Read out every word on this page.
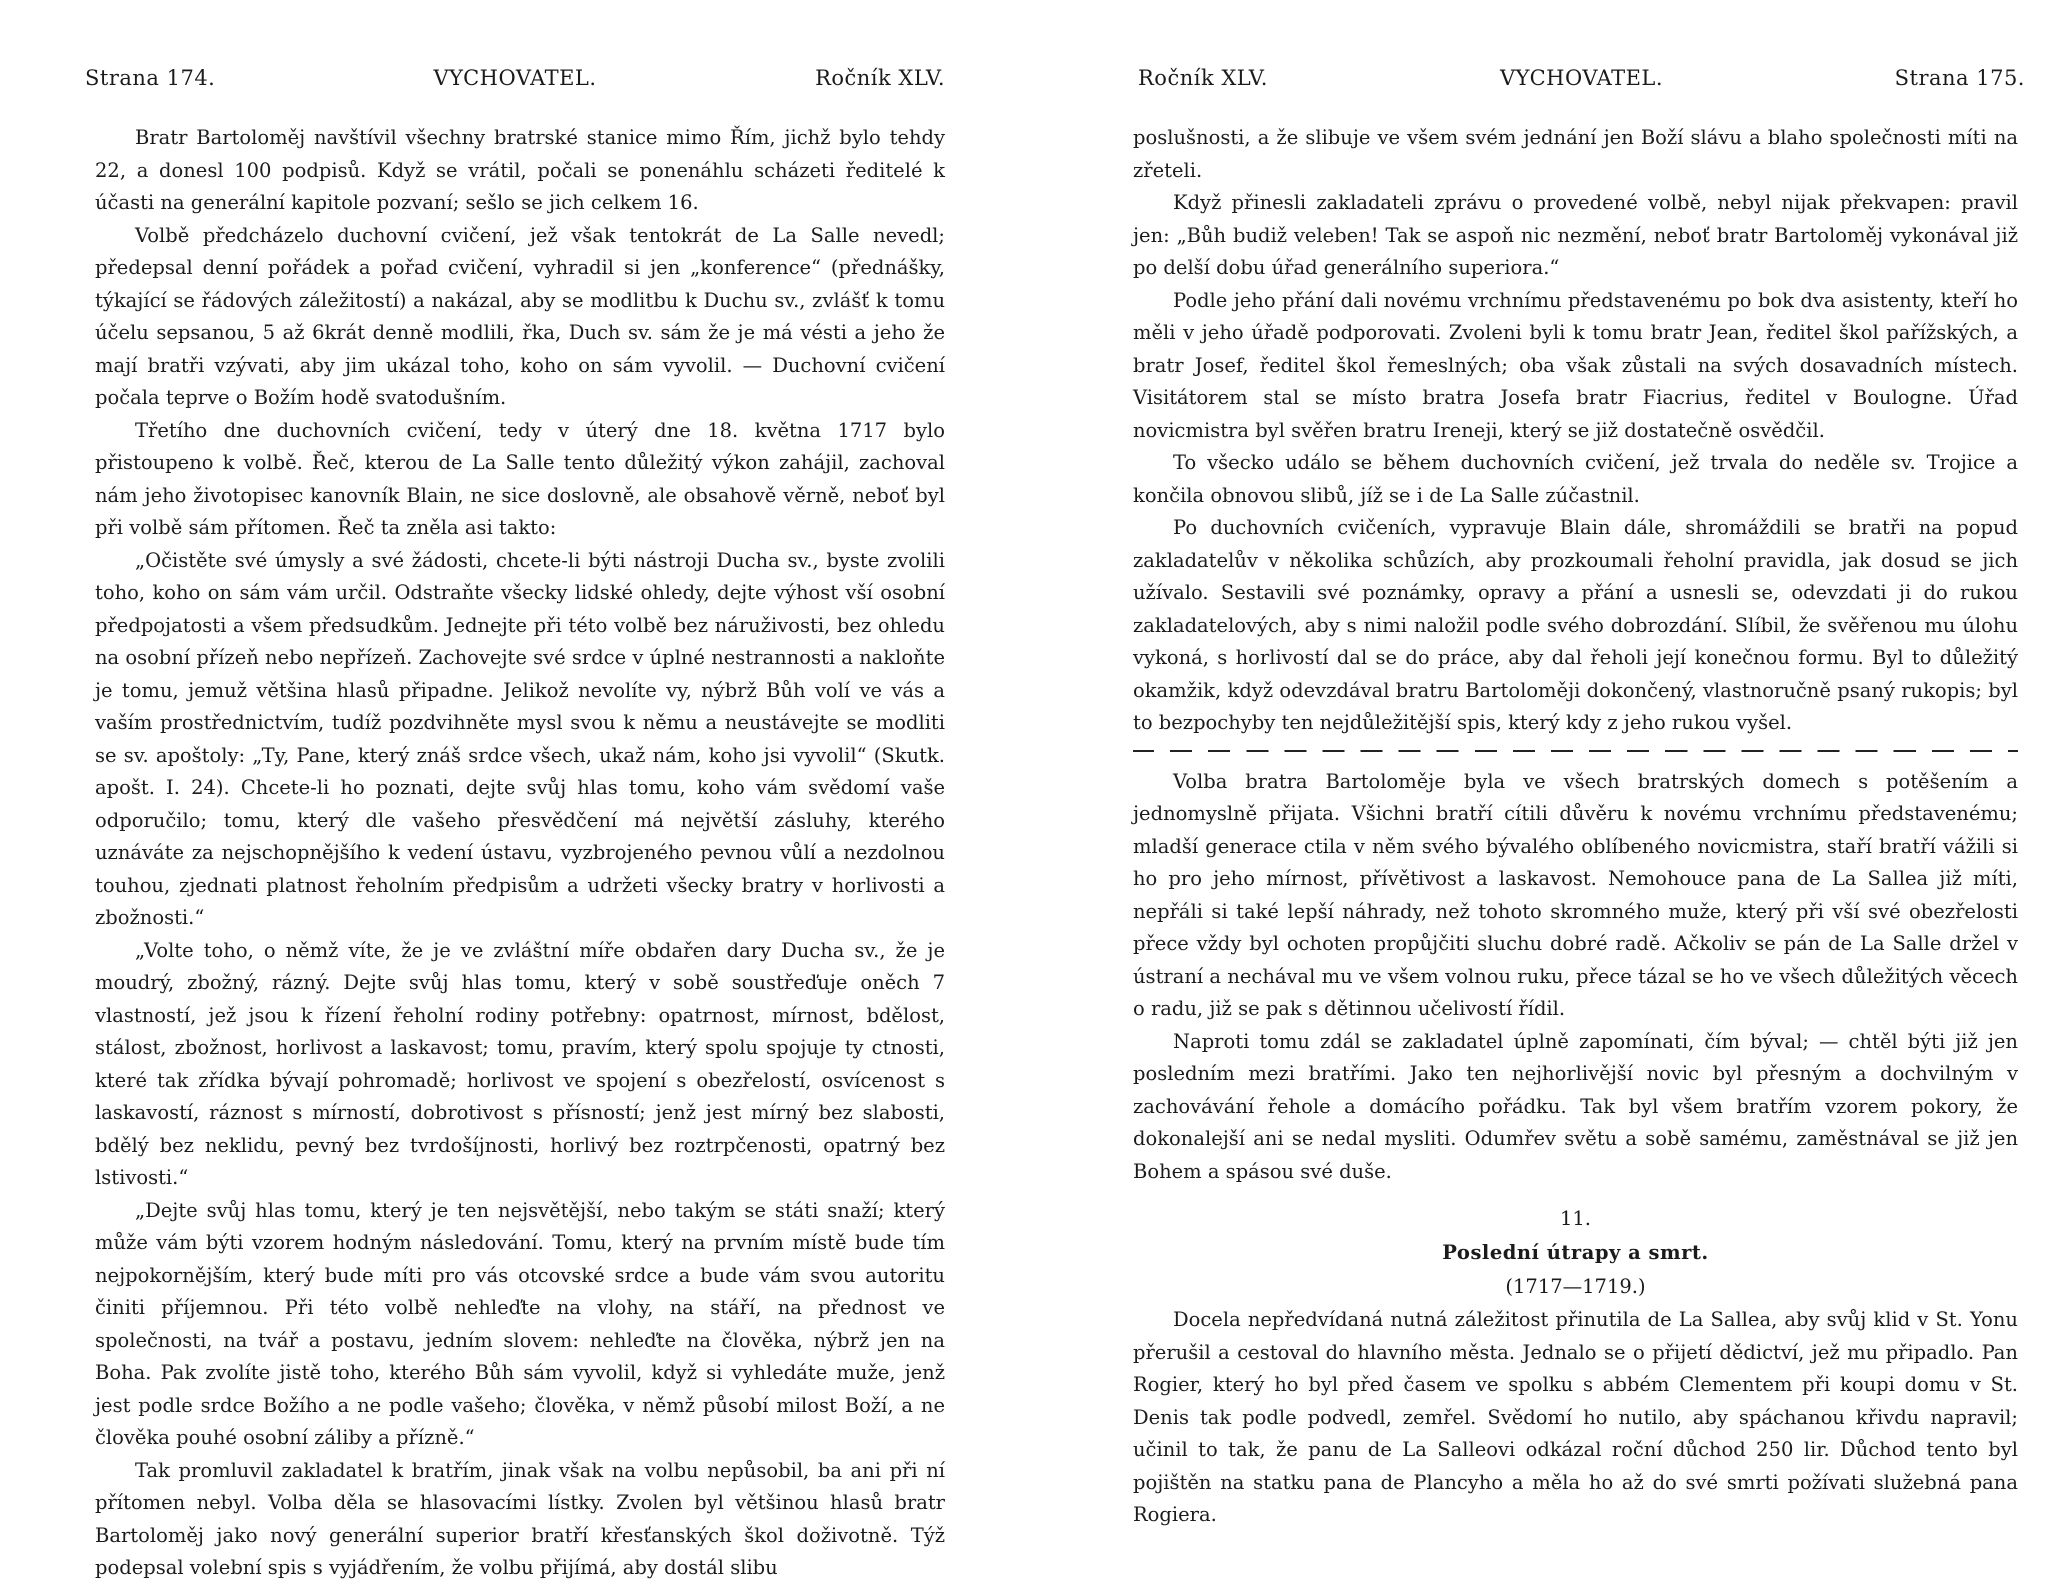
Strana 174.	VYCHOVATEL.	Ročník XLV.

Bratr Bartoloměj navštívil všechny bratrské stanice mimo Řím, jichž bylo tehdy 22, a donesl 100 podpisů. Když se vrátil, počali se ponenáhlu scházeti ředitelé k účasti na generální kapitole pozvaní; sešlo se jich celkem 16.

Volbě předcházelo duchovní cvičení, jež však tentokrát de La Salle nevedl; předepsal denní pořádek a pořad cvičení, vyhradil si jen „konference“ (přednášky, týkající se řádových záležitostí) a nakázal, aby se modlitbu k Duchu sv., zvlášť k tomu účelu sepsanou, 5 až 6krát denně modlili, řka, Duch sv. sám že je má vésti a jeho že mají bratři vzývati, aby jim ukázal toho, koho on sám vyvolil. — Duchovní cvičení počala teprve o Božím hodě svatodušním.

Třetího dne duchovních cvičení, tedy v úterý dne 18. května 1717 bylo přistoupeno k volbě. Řeč, kterou de La Salle tento důležitý výkon zahájil, zachoval nám jeho životopisec kanovník Blain, ne sice doslovně, ale obsahově věrně, neboť byl při volbě sám přítomen. Řeč ta zněla asi takto:

„Očistěte své úmysly a své žádosti, chcete-li býti nástroji Ducha sv., byste zvolili toho, koho on sám vám určil. Odstraňte všecky lidské ohledy, dejte výhost vší osobní předpojatosti a všem předsudkům. Jednejte při této volbě bez náruživosti, bez ohledu na osobní přízeň nebo nepřízeň. Zachovejte své srdce v úplné nestrannosti a nakloňte je tomu, jemuž většina hlasů připadne. Jelikož nevolíte vy, nýbrž Bůh volí ve vás a vaším prostřednictvím, tudíž pozdvihněte mysl svou k němu a neustávejte se modliti se sv. apoštoly: „Ty, Pane, který znáš srdce všech, ukaž nám, koho jsi vyvolil“ (Skutk. apošt. I. 24). Chcete-li ho poznati, dejte svůj hlas tomu, koho vám svědomí vaše odporučilo; tomu, který dle vašeho přesvědčení má největší zásluhy, kterého uznáváte za nejschopnějšího k vedení ústavu, vyzbrojeného pevnou vůlí a nezdolnou touhou, zjednati platnost řeholním předpisům a udržeti všecky bratry v horlivosti a zbožnosti.“

„Volte toho, o němž víte, že je ve zvláštní míře obdařen dary Ducha sv., že je moudrý, zbožný, rázný. Dejte svůj hlas tomu, který v sobě soustřeďuje oněch 7 vlastností, jež jsou k řízení řeholní rodiny potřebny: opatrnost, mírnost, bdělost, stálost, zbožnost, horlivost a laskavost; tomu, pravím, který spolu spojuje ty ctnosti, které tak zřídka bývají pohromadě; horlivost ve spojení s obezřelostí, osvícenost s laskavostí, ráznost s mírností, dobrotivost s přísností; jenž jest mírný bez slabosti, bdělý bez neklidu, pevný bez tvrdošíjnosti, horlivý bez roztrpčenosti, opatrný bez lstivosti.“

„Dejte svůj hlas tomu, který je ten nejsvětější, nebo takým se státi snaží; který může vám býti vzorem hodným následování. Tomu, který na prvním místě bude tím nejpokornějším, který bude míti pro vás otcovské srdce a bude vám svou autoritu činiti příjemnou. Při této volbě nehleďte na vlohy, na stáří, na přednost ve společnosti, na tvář a postavu, jedním slovem: nehleďte na člověka, nýbrž jen na Boha. Pak zvolíte jistě toho, kterého Bůh sám vyvolil, když si vyhledáte muže, jenž jest podle srdce Božího a ne podle vašeho; člověka, v němž působí milost Boží, a ne člověka pouhé osobní záliby a přízně.“

Tak promluvil zakladatel k bratřím, jinak však na volbu nepůsobil, ba ani při ní přítomen nebyl. Volba děla se hlasovacími lístky. Zvolen byl většinou hlasů bratr Bartoloměj jako nový generální superior bratří křesťanských škol doživotně. Týž podepsal volební spis s vyjádřením, že volbu přijímá, aby dostál slibu

Ročník XLV.	VYCHOVATEL.	Strana 175.

poslušnosti, a že slibuje ve všem svém jednání jen Boží slávu a blaho společnosti míti na zřeteli.

Když přinesli zakladateli zprávu o provedené volbě, nebyl nijak překvapen: pravil jen: „Bůh budiž veleben! Tak se aspoň nic nezmění, neboť bratr Bartoloměj vykonával již po delší dobu úřad generálního superiora.“

Podle jeho přání dali novému vrchnímu představenému po bok dva asistenty, kteří ho měli v jeho úřadě podporovati. Zvoleni byli k tomu bratr Jean, ředitel škol pařížských, a bratr Josef, ředitel škol řemeslných; oba však zůstali na svých dosavadních místech. Visitátorem stal se místo bratra Josefa bratr Fiacrius, ředitel v Boulogne. Úřad novicmistra byl svěřen bratru Ireneji, který se již dostatečně osvědčil.

To všecko událo se během duchovních cvičení, jež trvala do neděle sv. Trojice a končila obnovou slibů, jíž se i de La Salle zúčastnil.

Po duchovních cvičeních, vypravuje Blain dále, shromáždili se bratři na popud zakladatelův v několika schůzích, aby prozkoumali řeholní pravidla, jak dosud se jich užívalo. Sestavili své poznámky, opravy a přání a usnesli se, odevzdati ji do rukou zakladatelových, aby s nimi naložil podle svého dobrozdání. Slíbil, že svěřenou mu úlohu vykoná, s horlivostí dal se do práce, aby dal řeholi její konečnou formu. Byl to důležitý okamžik, když odevzdával bratru Bartoloměji dokončený, vlastnoručně psaný rukopis; byl to bezpochyby ten nejdůležitější spis, který kdy z jeho rukou vyšel.

Volba bratra Bartoloměje byla ve všech bratrských domech s potěšením a jednomyslně přijata. Všichni bratří cítili důvěru k novému vrchnímu představenému; mladší generace ctila v něm svého bývalého oblíbeného novicmistra, staří bratří vážili si ho pro jeho mírnost, přívětivost a laskavost. Nemohouce pana de La Sallea již míti, nepřáli si také lepší náhrady, než tohoto skromného muže, který při vší své obezřelosti přece vždy byl ochoten propůjčiti sluchu dobré radě. Ačkoliv se pán de La Salle držel v ústraní a nechával mu ve všem volnou ruku, přece tázal se ho ve všech důležitých věcech o radu, již se pak s dětinnou učelivostí řídil.

Naproti tomu zdál se zakladatel úplně zapomínati, čím býval; — chtěl býti již jen posledním mezi bratřími. Jako ten nejhorlivější novic byl přesným a dochvilným v zachovávání řehole a domácího pořádku. Tak byl všem bratřím vzorem pokory, že dokonalejší ani se nedal mysliti. Odumřev světu a sobě samému, zaměstnával se již jen Bohem a spásou své duše.

11.
Poslední útrapy a smrt.
(1717—1719.)

Docela nepředvídaná nutná záležitost přinutila de La Sallea, aby svůj klid v St. Yonu přerušil a cestoval do hlavního města. Jednalo se o přijetí dědictví, jež mu připadlo. Pan Rogier, který ho byl před časem ve spolku s abbém Clementem při koupi domu v St. Denis tak podle podvedl, zemřel. Svědomí ho nutilo, aby spáchanou křivdu napravil; učinil to tak, že panu de La Salleovi odkázal roční důchod 250 lir. Důchod tento byl pojištěn na statku pana de Plancyho a měla ho až do své smrti požívati služebná pana Rogiera.
